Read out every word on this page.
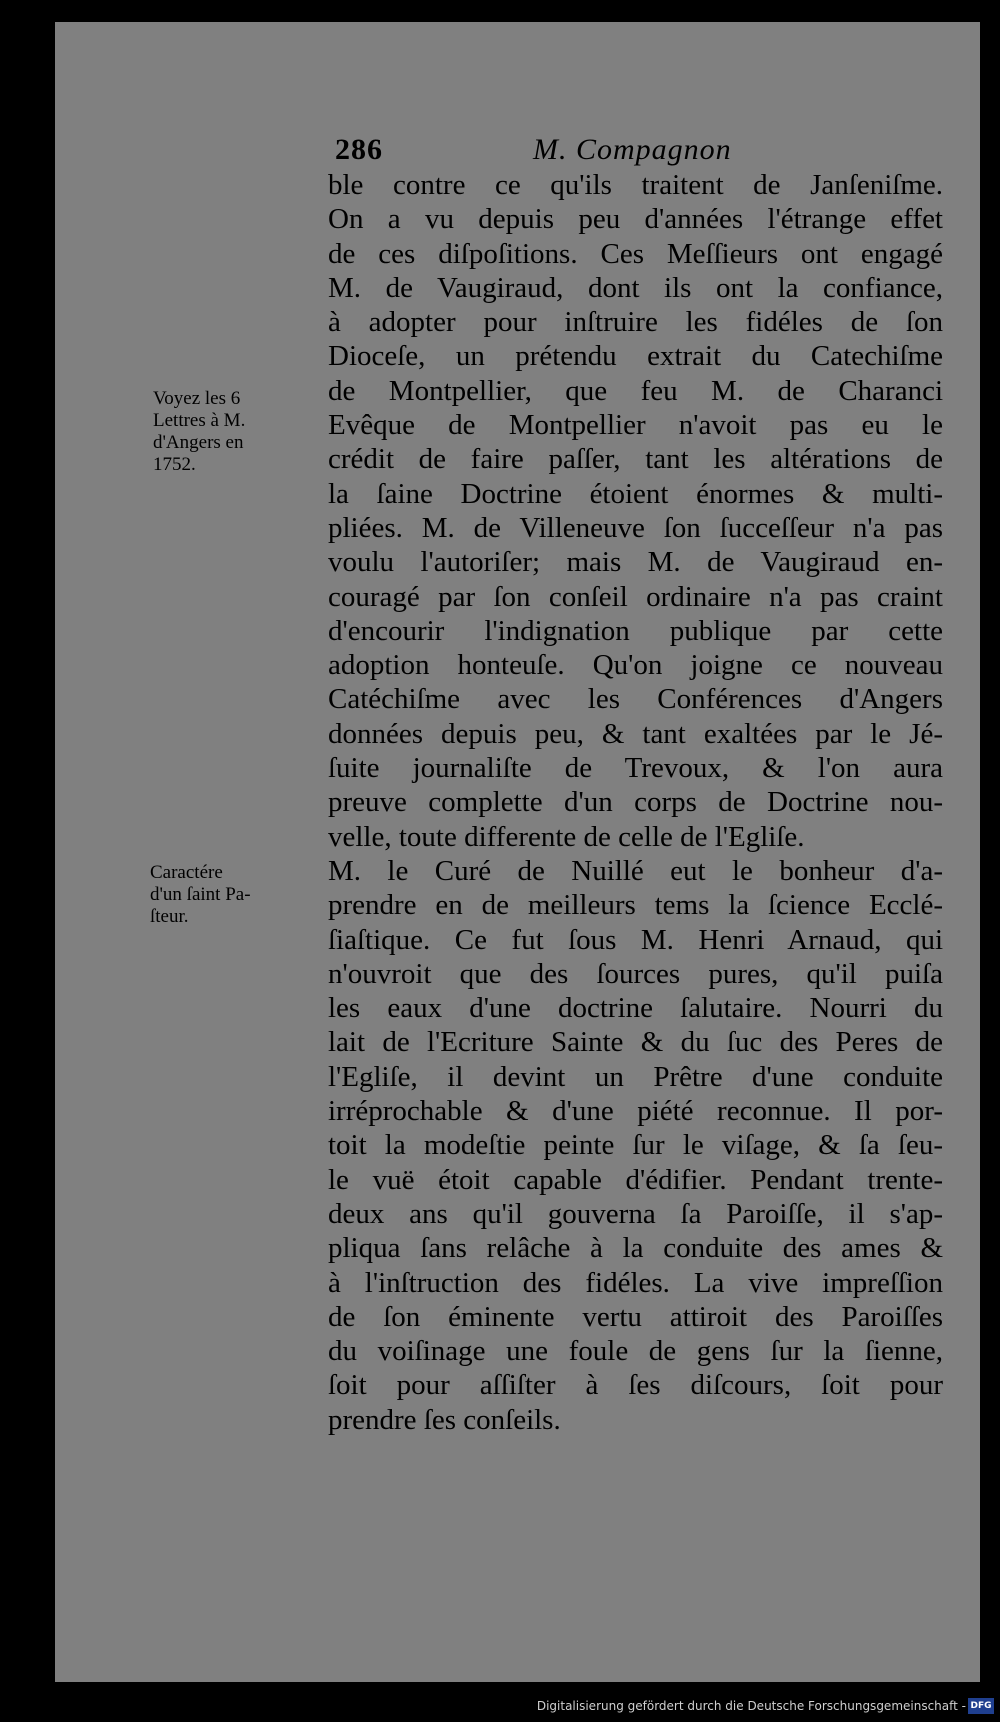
286	M. Compagnon
ble contre ce qu'ils traitent de Janſeniſme.
On a vu depuis peu d'années l'étrange effet
de ces diſpoſitions. Ces Meſſieurs ont engagé
M. de Vaugiraud, dont ils ont la confiance,
à adopter pour inſtruire les fidéles de ſon
Dioceſe, un prétendu extrait du Catechiſme
de Montpellier, que feu M. de Charanci
Evêque de Montpellier n'avoit pas eu le
crédit de faire paſſer, tant les altérations de
la ſaine Doctrine étoient énormes & multi-
pliées. M. de Villeneuve ſon ſucceſſeur n'a pas
voulu l'autoriſer; mais M. de Vaugiraud en-
couragé par ſon conſeil ordinaire n'a pas craint
d'encourir l'indignation publique par cette
adoption honteuſe. Qu'on joigne ce nouveau
Catéchiſme avec les Conférences d'Angers
données depuis peu, & tant exaltées par le Jé-
ſuite journaliſte de Trevoux, & l'on aura
preuve complette d'un corps de Doctrine nou-
velle, toute differente de celle de l'Egliſe.
M. le Curé de Nuillé eut le bonheur d'a-
prendre en de meilleurs tems la ſcience Ecclé-
ſiaſtique. Ce fut ſous M. Henri Arnaud, qui
n'ouvroit que des ſources pures, qu'il puiſa
les eaux d'une doctrine ſalutaire. Nourri du
lait de l'Ecriture Sainte & du ſuc des Peres de
l'Egliſe, il devint un Prêtre d'une conduite
irréprochable & d'une piété reconnue. Il por-
toit la modeſtie peinte ſur le viſage, & ſa ſeu-
le vuë étoit capable d'édifier. Pendant trente-
deux ans qu'il gouverna ſa Paroiſſe, il s'ap-
pliqua ſans relâche à la conduite des ames &
à l'inſtruction des fidéles. La vive impreſſion
de ſon éminente vertu attiroit des Paroiſſes
du voiſinage une foule de gens ſur la ſienne,
ſoit pour aſſiſter à ſes diſcours, ſoit pour
prendre ſes conſeils.
Voyez les 6
Lettres à M.
d'Angers en
1752.
Caractére
d'un ſaint Pa-
ſteur.
Digitalisierung gefördert durch die Deutsche Forschungsgemeinschaft - DFG
